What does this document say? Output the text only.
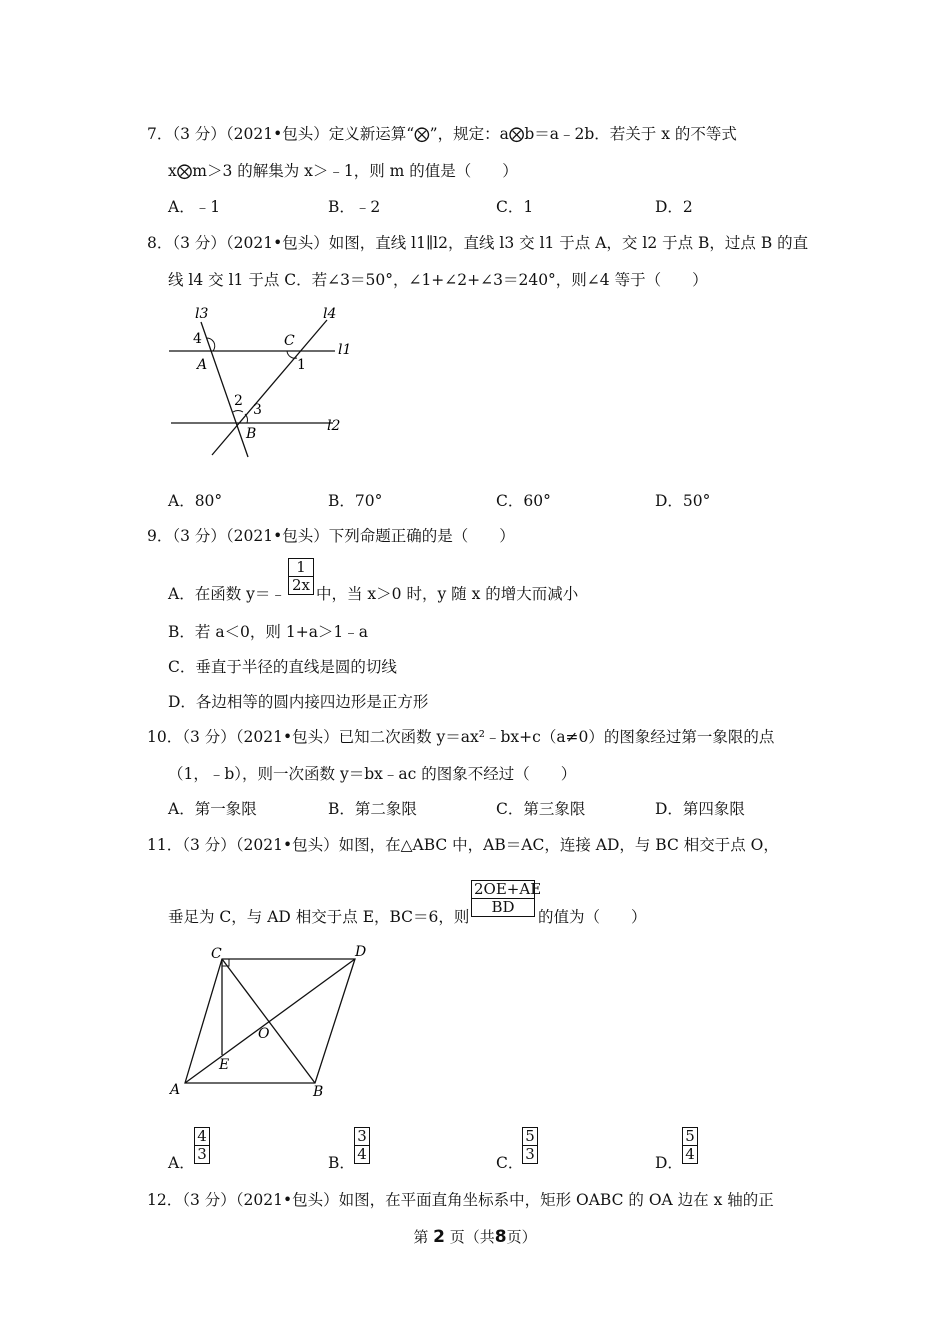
7．（3 分）（2021•包头）定义新运算“⨂”，规定：a⨂b＝a﹣2b．若关于 x 的不等式
x⨂m＞3 的解集为 x＞﹣1，则 m 的值是（　　）
A．﹣1	B．﹣2	C．1	D．2
8．（3 分）（2021•包头）如图，直线 l1∥l2，直线 l3 交 l1 于点 A，交 l2 于点 B，过点 B 的直
线 l4 交 l1 于点 C．若∠3＝50°，∠1+∠2+∠3＝240°，则∠4 等于（　　）
l3
4
A
C
1
l4
l1
2
3
B	l2
A．80°	B．70°	C．60°	D．50°
9．（3 分）（2021•包头）下列命题正确的是（　　）
A．在函数 y＝﹣ $\frac{1}{2x}$ 中，当 x＞0 时，y 随 x 的增大而减小
B．若 a＜0，则 1+a＞1﹣a
C．垂直于半径的直线是圆的切线
D．各边相等的圆内接四边形是正方形
10．（3 分）（2021•包头）已知二次函数 y＝ax²﹣bx+c（a≠0）的图象经过第一象限的点
（1，﹣b），则一次函数 y＝bx﹣ac 的图象不经过（　　）
A．第一象限	B．第二象限	C．第三象限	D．第四象限
11．（3 分）（2021•包头）如图，在△ABC 中，AB＝AC，连接 AD，与 BC 相交于点 O，
垂足为 C，与 AD 相交于点 E，BC＝6，则 $\frac{2OE+AE}{BD}$ 的值为（　　）
C	D
O
E
A	B
A． $\frac{4}{3}$	B． $\frac{3}{4}$	C．
$\frac{5}{3}$	D． $\frac{5}{4}$
12．（3 分）（2021•包头）如图，在平面直角坐标系中，矩形 OABC 的 OA 边在 x 轴的正
第 2 页（共8页）
